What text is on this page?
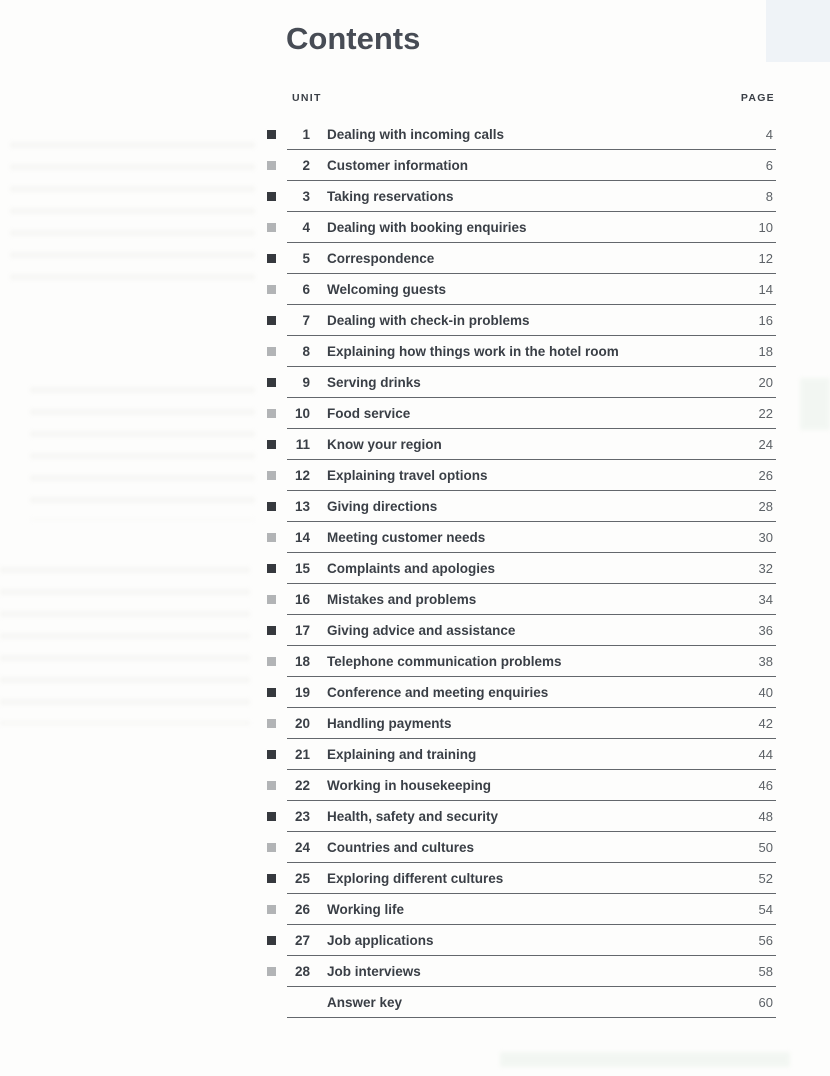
Contents
UNIT	PAGE
1 Dealing with incoming calls	4
2 Customer information	6
3 Taking reservations	8
4 Dealing with booking enquiries	10
5 Correspondence	12
6 Welcoming guests	14
7 Dealing with check-in problems	16
8 Explaining how things work in the hotel room	18
9 Serving drinks	20
10 Food service	22
11 Know your region	24
12 Explaining travel options	26
13 Giving directions	28
14 Meeting customer needs	30
15 Complaints and apologies	32
16 Mistakes and problems	34
17 Giving advice and assistance	36
18 Telephone communication problems	38
19 Conference and meeting enquiries	40
20 Handling payments	42
21 Explaining and training	44
22 Working in housekeeping	46
23 Health, safety and security	48
24 Countries and cultures	50
25 Exploring different cultures	52
26 Working life	54
27 Job applications	56
28 Job interviews	58
Answer key	60
